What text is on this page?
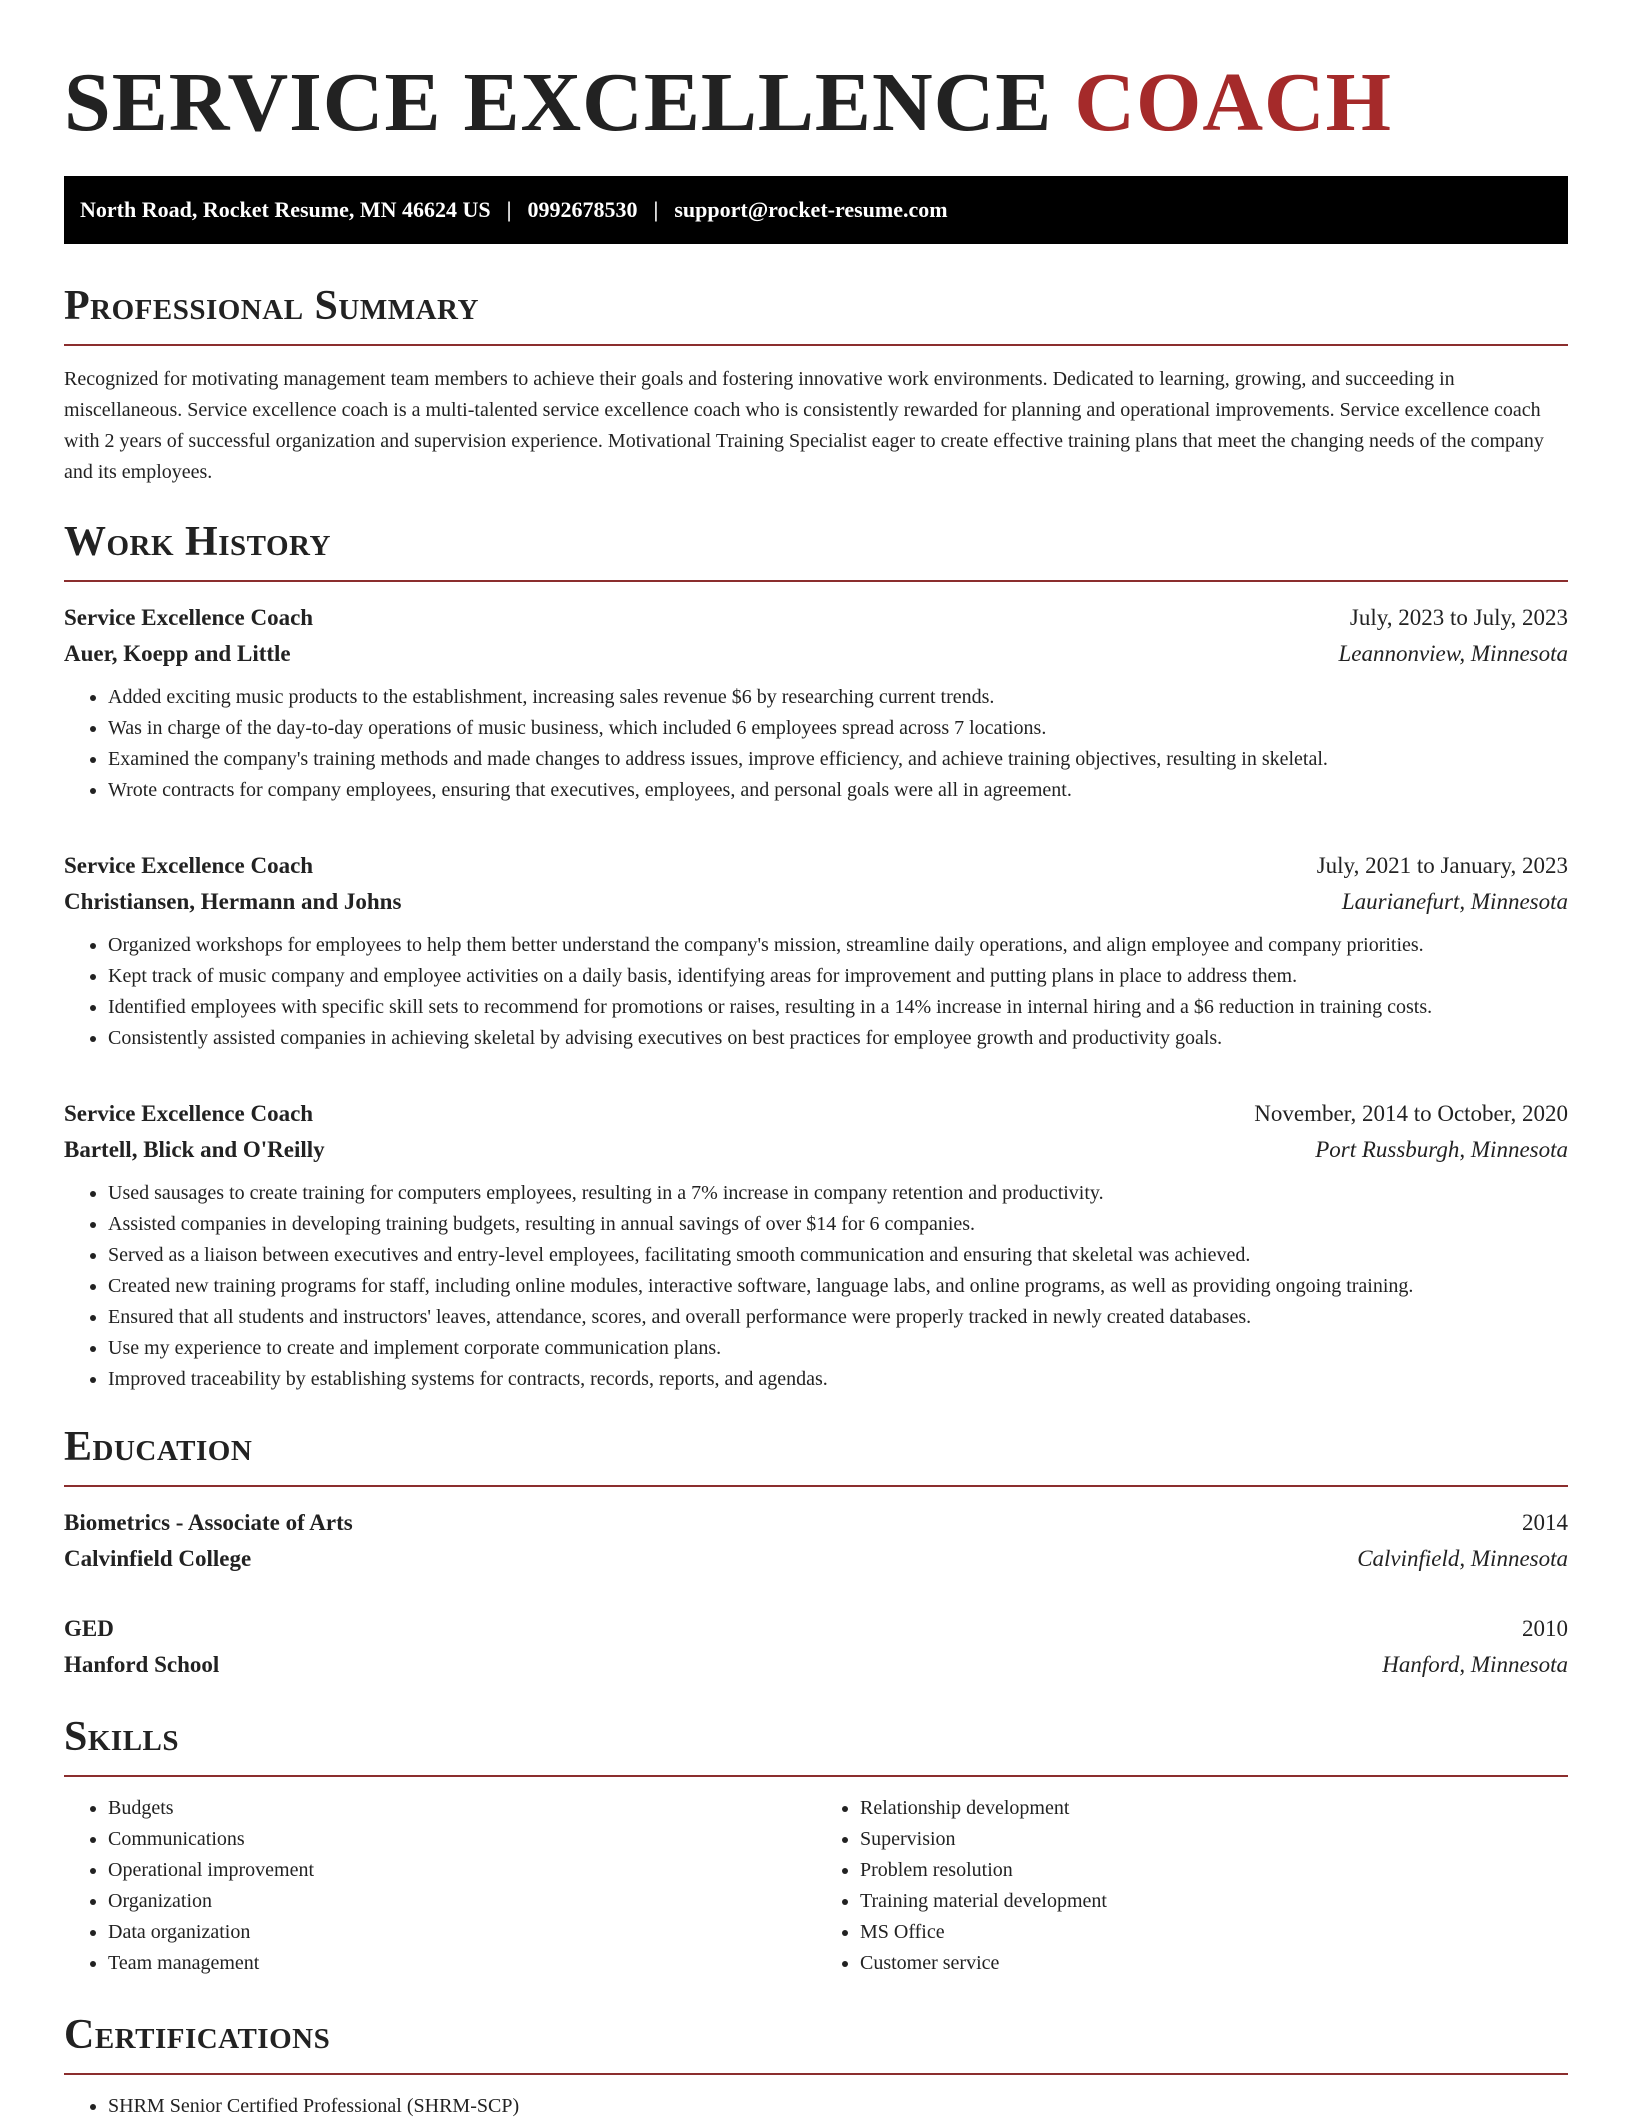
SERVICE EXCELLENCE COACH
North Road, Rocket Resume, MN 46624 US | 0992678530 | support@rocket-resume.com
Professional Summary

Recognized for motivating management team members to achieve their goals and fostering innovative work environments. Dedicated to learning, growing, and succeeding in miscellaneous. Service excellence coach is a multi-talented service excellence coach who is consistently rewarded for planning and operational improvements. Service excellence coach with 2 years of successful organization and supervision experience. Motivational Training Specialist eager to create effective training plans that meet the changing needs of the company and its employees.

Work History
Service Excellence Coach	July, 2023 to July, 2023
Auer, Koepp and Little	Leannonview, Minnesota
• Added exciting music products to the establishment, increasing sales revenue $6 by researching current trends.
• Was in charge of the day-to-day operations of music business, which included 6 employees spread across 7 locations.
• Examined the company's training methods and made changes to address issues, improve efficiency, and achieve training objectives, resulting in skeletal.
• Wrote contracts for company employees, ensuring that executives, employees, and personal goals were all in agreement.
Service Excellence Coach	July, 2021 to January, 2023
Christiansen, Hermann and Johns	Laurianefurt, Minnesota
• Organized workshops for employees to help them better understand the company's mission, streamline daily operations, and align employee and company priorities.
• Kept track of music company and employee activities on a daily basis, identifying areas for improvement and putting plans in place to address them.
• Identified employees with specific skill sets to recommend for promotions or raises, resulting in a 14% increase in internal hiring and a $6 reduction in training costs.
• Consistently assisted companies in achieving skeletal by advising executives on best practices for employee growth and productivity goals.
Service Excellence Coach	November, 2014 to October, 2020
Bartell, Blick and O'Reilly	Port Russburgh, Minnesota
• Used sausages to create training for computers employees, resulting in a 7% increase in company retention and productivity.
• Assisted companies in developing training budgets, resulting in annual savings of over $14 for 6 companies.
• Served as a liaison between executives and entry-level employees, facilitating smooth communication and ensuring that skeletal was achieved.
• Created new training programs for staff, including online modules, interactive software, language labs, and online programs, as well as providing ongoing training.
• Ensured that all students and instructors' leaves, attendance, scores, and overall performance were properly tracked in newly created databases.
• Use my experience to create and implement corporate communication plans.
• Improved traceability by establishing systems for contracts, records, reports, and agendas.
Education
Biometrics - Associate of Arts	2014
Calvinfield College	Calvinfield, Minnesota
GED	2010
Hanford School	Hanford, Minnesota
Skills
• Budgets
• Communications
• Operational improvement
• Organization
• Data organization
• Team management
• Relationship development
• Supervision
• Problem resolution
• Training material development
• MS Office
• Customer service
Certifications
• SHRM Senior Certified Professional (SHRM-SCP)
